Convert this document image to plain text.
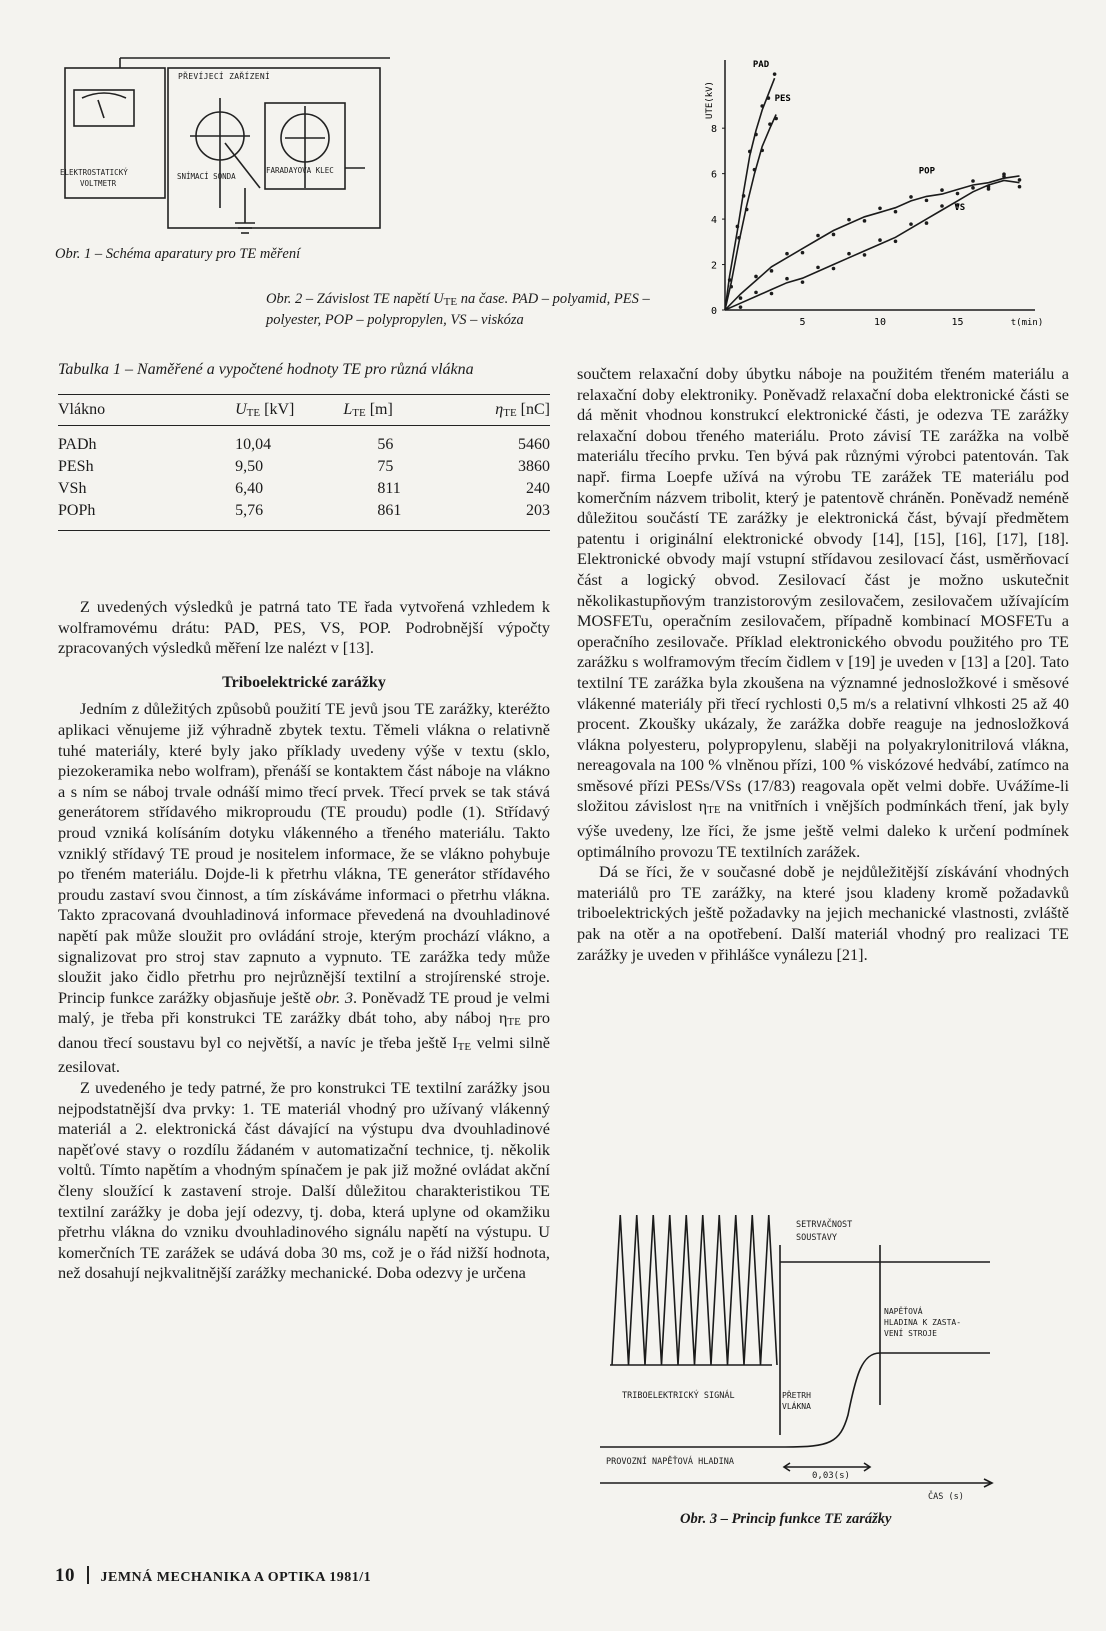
PŘEVÍJECÍ ZAŘÍZENÍ
ELEKTROSTATICKÝ
VOLTMETR
SNÍMACÍ SONDA
FARADAYOVA KLEC
Obr. 1 – Schéma aparatury pro TE měření
Obr. 2 – Závislost TE napětí UTE na čase. PAD – polyamid, PES – polyester, POP – polypropylen, VS – viskóza
0
2
4
6
8
5	10	15	t(min)
UTE(kV)
PAD
PES
POP
VS
Tabulka 1 – Naměřené a vypočtené hodnoty TE pro různá vlákna
Vlákno	UTE [kV]	LTE [m]	ηTE [nC]

PADh	10,04	56	5460
PESh	9,50	75	3860
VSh	6,40	811	240
POPh	5,76	861	203

Z uvedených výsledků je patrná tato TE řada vytvořená vzhledem k wolframovému drátu: PAD, PES, VS, POP. Podrobnější výpočty zpracovaných výsledků měření lze nalézt v [13].

Triboelektrické zarážky

Jedním z důležitých způsobů použití TE jevů jsou TE zarážky, kteréžto aplikaci věnujeme již výhradně zbytek textu. Těmeli vlákna o relativně tuhé materiály, které byly jako příklady uvedeny výše v textu (sklo, piezokeramika nebo wolfram), přenáší se kontaktem část náboje na vlákno a s ním se náboj trvale odnáší mimo třecí prvek. Třecí prvek se tak stává generátorem střídavého mikroproudu (TE proudu) podle (1). Střídavý proud vzniká kolísáním dotyku vlákenného a třeného materiálu. Takto vzniklý střídavý TE proud je nositelem informace, že se vlákno pohybuje po třeném materiálu. Dojde-li k přetrhu vlákna, TE generátor střídavého proudu zastaví svou činnost, a tím získáváme informaci o přetrhu vlákna. Takto zpracovaná dvouhladinová informace převedená na dvouhladinové napětí pak může sloužit pro ovládání stroje, kterým prochází vlákno, a signalizovat pro stroj stav zapnuto a vypnuto. TE zarážka tedy může sloužit jako čidlo přetrhu pro nejrůznější textilní a strojírenské stroje. Princip funkce zarážky objasňuje ještě obr. 3. Poněvadž TE proud je velmi malý, je třeba při konstrukci TE zarážky dbát toho, aby náboj ηTE pro danou třecí soustavu byl co největší, a navíc je třeba ještě ITE velmi silně zesilovat.

Z uvedeného je tedy patrné, že pro konstrukci TE textilní zarážky jsou nejpodstatnější dva prvky: 1. TE materiál vhodný pro užívaný vlákenný materiál a 2. elektronická část dávající na výstupu dva dvouhladinové napěťové stavy o rozdílu žádaném v automatizační technice, tj. několik voltů. Tímto napětím a vhodným spínačem je pak již možné ovládat akční členy sloužící k zastavení stroje. Další důležitou charakteristikou TE textilní zarážky je doba její odezvy, tj. doba, která uplyne od okamžiku přetrhu vlákna do vzniku dvouhladinového signálu napětí na výstupu. U komerčních TE zarážek se udává doba 30 ms, což je o řád nižší hodnota, než dosahují nejkvalitnější zarážky mechanické. Doba odezvy je určena

součtem relaxační doby úbytku náboje na použitém třeném materiálu a relaxační doby elektroniky. Poněvadž relaxační doba elektronické části se dá měnit vhodnou konstrukcí elektronické části, je odezva TE zarážky relaxační dobou třeného materiálu. Proto závisí TE zarážka na volbě materiálu třecího prvku. Ten bývá pak různými výrobci patentován. Tak např. firma Loepfe užívá na výrobu TE zarážek TE materiálu pod komerčním názvem tribolit, který je patentově chráněn. Poněvadž neméně důležitou součástí TE zarážky je elektronická část, bývají předmětem patentu i originální elektronické obvody [14], [15], [16], [17], [18]. Elektronické obvody mají vstupní střídavou zesilovací část, usměrňovací část a logický obvod. Zesilovací část je možno uskutečnit několikastupňovým tranzistorovým zesilovačem, zesilovačem užívajícím MOSFETu, operačním zesilovačem, případně kombinací MOSFETu a operačního zesilovače. Příklad elektronického obvodu použitého pro TE zarážku s wolframovým třecím čidlem v [19] je uveden v [13] a [20]. Tato textilní TE zarážka byla zkoušena na významné jednosložkové i směsové vlákenné materiály při třecí rychlosti 0,5 m/s a relativní vlhkosti 25 až 40 procent. Zkoušky ukázaly, že zarážka dobře reaguje na jednosložková vlákna polyesteru, polypropylenu, slaběji na polyakrylonitrilová vlákna, nereagovala na 100 % vlněnou přízi, 100 % viskózové hedvábí, zatímco na směsové přízi PESs/VSs (17/83) reagovala opět velmi dobře. Uvážíme-li složitou závislost ηTE na vnitřních i vnějších podmínkách tření, jak byly výše uvedeny, lze říci, že jsme ještě velmi daleko k určení podmínek optimálního provozu TE textilních zarážek.

Dá se říci, že v současné době je nejdůležitější získávání vhodných materiálů pro TE zarážky, na které jsou kladeny kromě požadavků triboelektrických ještě požadavky na jejich mechanické vlastnosti, zvláště pak na otěr a na opotřebení. Další materiál vhodný pro realizaci TE zarážky je uveden v přihlášce vynálezu [21].

SETRVAČNOST
SOUSTAVY
NAPĚŤOVÁ
HLADINA K ZASTA-
VENÍ STROJE
TRIBOELEKTRICKÝ SIGNÁL	PŘETRH
VLÁKNA
PROVOZNÍ NAPĚŤOVÁ HLADINA
0,03(s)
ČAS (s)
Obr. 3 – Princip funkce TE zarážky
10 JEMNÁ MECHANIKA A OPTIKA 1981/1
